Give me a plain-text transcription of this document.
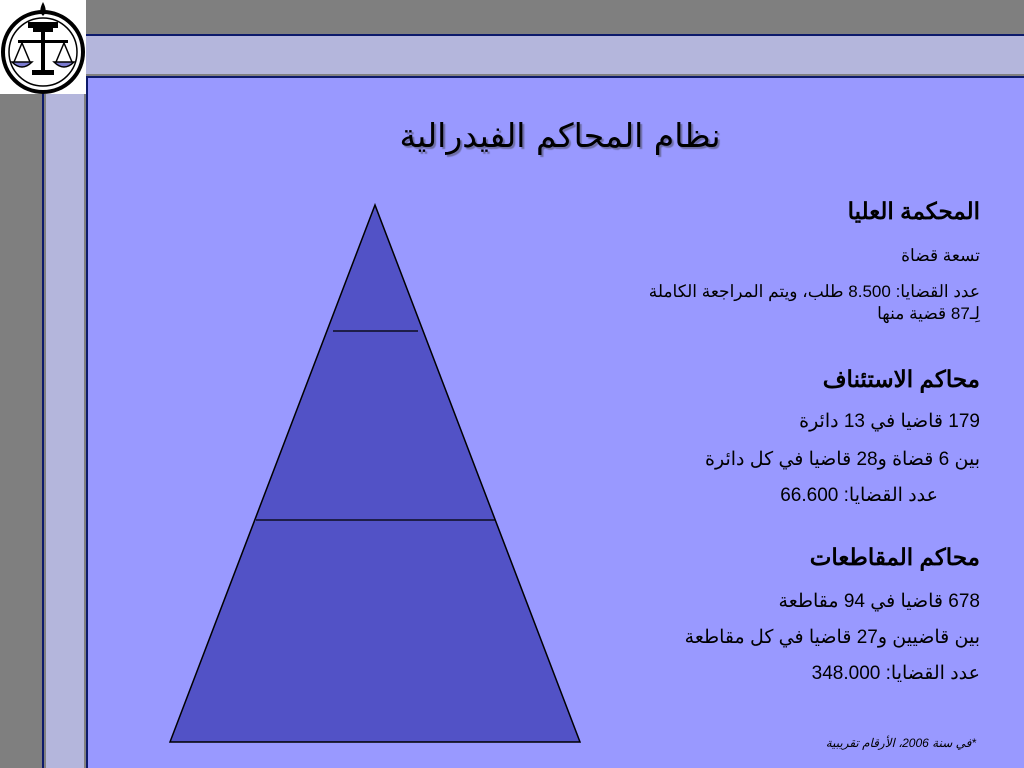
نظام المحاكم الفيدرالية
المحكمة العليا
تسعة قضاة
عدد القضايا: 8.500 طلب، ويتم المراجعة الكاملة
لِـ87 قضية منها
محاكم الاستئناف
179 قاضيا في 13 دائرة
بين 6 قضاة و28 قاضيا في كل دائرة
عدد القضايا: 66.600
محاكم المقاطعات
678 قاضيا في 94 مقاطعة
بين قاضيين و27 قاضيا في كل مقاطعة
عدد القضايا: 348.000
*في سنة 2006، الأرقام تقريبية
